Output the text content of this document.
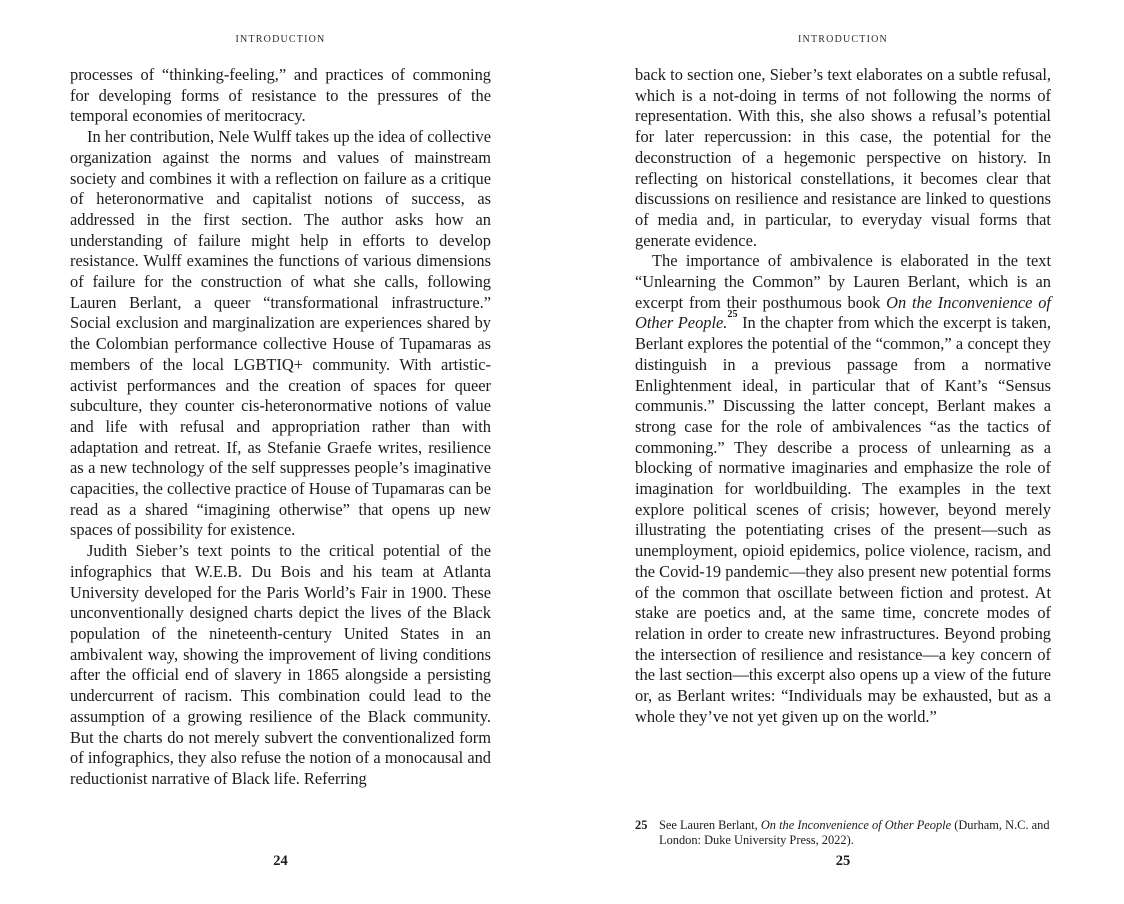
INTRODUCTION

processes of “thinking-feeling,” and practices of commoning for developing forms of resistance to the pressures of the temporal economies of meritocracy.

In her contribution, Nele Wulff takes up the idea of collective organization against the norms and values of mainstream society and combines it with a reflection on failure as a critique of heteronormative and capitalist notions of success, as addressed in the first section. The author asks how an understanding of failure might help in efforts to develop resistance. Wulff examines the functions of various dimensions of failure for the construction of what she calls, following Lauren Berlant, a queer “transformational infrastructure.” Social exclusion and marginalization are experiences shared by the Colombian performance collective House of Tupamaras as members of the local LGBTIQ+ community. With artistic-activist performances and the creation of spaces for queer subculture, they counter cis-heteronormative notions of value and life with refusal and appropriation rather than with adaptation and retreat. If, as Stefanie Graefe writes, resilience as a new technology of the self suppresses people’s imaginative capacities, the collective practice of House of Tupamaras can be read as a shared “imagining otherwise” that opens up new spaces of possibility for existence.

Judith Sieber’s text points to the critical potential of the infographics that W.E.B. Du Bois and his team at Atlanta University developed for the Paris World’s Fair in 1900. These unconventionally designed charts depict the lives of the Black population of the nineteenth-century United States in an ambivalent way, showing the improvement of living conditions after the official end of slavery in 1865 alongside a persisting undercurrent of racism. This combination could lead to the assumption of a growing resilience of the Black community. But the charts do not merely subvert the conventionalized form of infographics, they also refuse the notion of a monocausal and reductionist narrative of Black life. Referring

24
INTRODUCTION

back to section one, Sieber’s text elaborates on a subtle refusal, which is a not-doing in terms of not following the norms of representation. With this, she also shows a refusal’s potential for later repercussion: in this case, the potential for the deconstruction of a hegemonic perspective on history. In reflecting on historical constellations, it becomes clear that discussions on resilience and resistance are linked to questions of media and, in particular, to everyday visual forms that generate evidence.

The importance of ambivalence is elaborated in the text “Unlearning the Common” by Lauren Berlant, which is an excerpt from their posthumous book On the Inconvenience of Other People.$^{25}$ In the chapter from which the excerpt is taken, Berlant explores the potential of the “common,” a concept they distinguish in a previous passage from a normative Enlightenment ideal, in particular that of Kant’s “Sensus communis.” Discussing the latter concept, Berlant makes a strong case for the role of ambivalences “as the tactics of commoning.” They describe a process of unlearning as a blocking of normative imaginaries and emphasize the role of imagination for worldbuilding. The examples in the text explore political scenes of crisis; however, beyond merely illustrating the potentiating crises of the present—such as unemployment, opioid epidemics, police violence, racism, and the Covid-19 pandemic—they also present new potential forms of the common that oscillate between fiction and protest. At stake are poetics and, at the same time, concrete modes of relation in order to create new infrastructures. Beyond probing the intersection of resilience and resistance—a key concern of the last section—this excerpt also opens up a view of the future or, as Berlant writes: “Individuals may be exhausted, but as a whole they’ve not yet given up on the world.”

25 See Lauren Berlant, On the Inconvenience of Other People (Durham, N.C. and London: Duke University Press, 2022).

25
